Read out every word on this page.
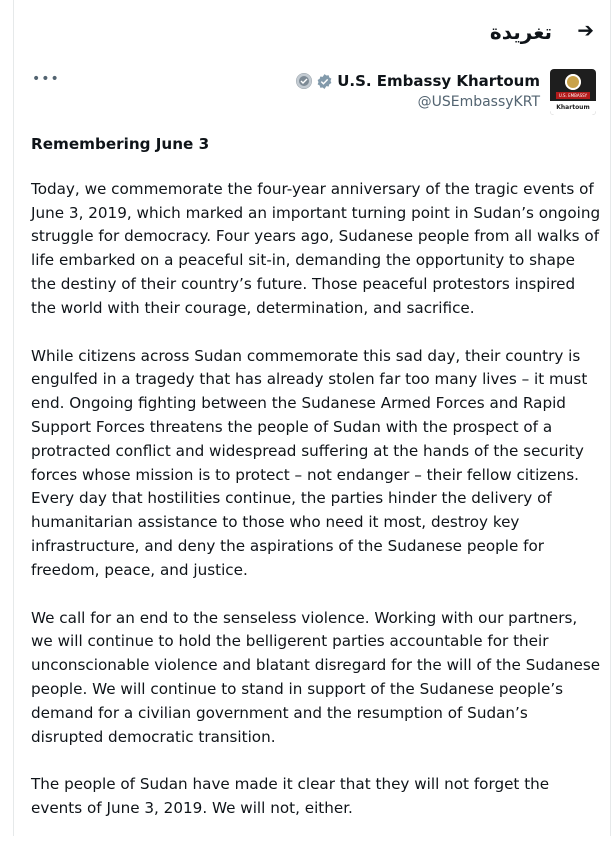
➔
تغريدة
•••	U.S. Embassy Khartoum
@USEmbassyKRT	U.S. EMBASSY
Khartoum

Remembering June 3

Today, we commemorate the four-year anniversary of the tragic events of June 3, 2019, which marked an important turning point in Sudan’s ongoing struggle for democracy. Four years ago, Sudanese people from all walks of life embarked on a peaceful sit-in, demanding the opportunity to shape the destiny of their country’s future. Those peaceful protestors inspired the world with their courage, determination, and sacrifice.

While citizens across Sudan commemorate this sad day, their country is engulfed in a tragedy that has already stolen far too many lives – it must end. Ongoing fighting between the Sudanese Armed Forces and Rapid Support Forces threatens the people of Sudan with the prospect of a protracted conflict and widespread suffering at the hands of the security forces whose mission is to protect – not endanger – their fellow citizens. Every day that hostilities continue, the parties hinder the delivery of humanitarian assistance to those who need it most, destroy key infrastructure, and deny the aspirations of the Sudanese people for freedom, peace, and justice.

We call for an end to the senseless violence. Working with our partners, we will continue to hold the belligerent parties accountable for their unconscionable violence and blatant disregard for the will of the Sudanese people. We will continue to stand in support of the Sudanese people’s demand for a civilian government and the resumption of Sudan’s disrupted democratic transition.

The people of Sudan have made it clear that they will not forget the events of June 3, 2019. We will not, either.
